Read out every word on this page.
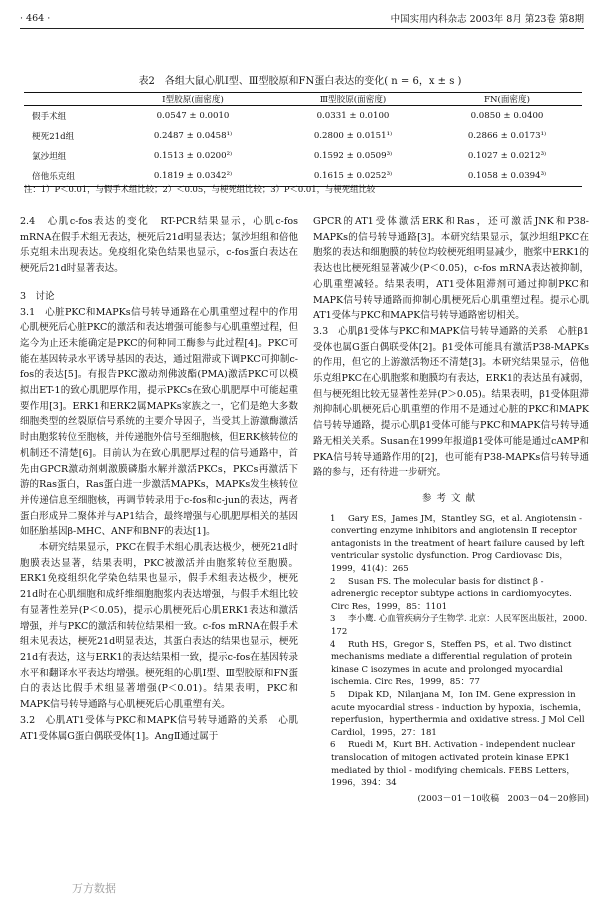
· 464 ·	中国实用内科杂志 2003年 8月 第23卷 第8期
表2　各组大鼠心肌Ⅰ型、Ⅲ型胶原和FN蛋白表达的变化( n = 6，x ± s )
	Ⅰ型胶原(面密度)	Ⅲ型胶原(面密度)	FN(面密度)
假手术组	0.0547 ± 0.0010	0.0331 ± 0.0100	0.0850 ± 0.0400
梗死21d组	0.2487 ± 0.0458¹⁾	0.2800 ± 0.0151¹⁾	0.2866 ± 0.0173¹⁾
氯沙坦组	0.1513 ± 0.0200²⁾	0.1592 ± 0.0509³⁾	0.1027 ± 0.0212³⁾
倍他乐克组	0.1819 ± 0.0342²⁾	0.1615 ± 0.0252³⁾	0.1058 ± 0.0394³⁾
注：1）P＜0.01，与假手术组比较；2）＜0.05，与梗死组比较；3）P＜0.01，与梗死组比较

2.4　心肌c-fos表达的变化　RT-PCR结果显示，心肌c-fos mRNA在假手术组无表达，梗死后21d明显表达；氯沙坦组和倍他乐克组未出现表达。免疫组化染色结果也显示，c-fos蛋白表达在梗死后21d时显著表达。

3　讨论

3.1　心脏PKC和MAPKs信号转导通路在心肌重塑过程中的作用　心肌梗死后心脏PKC的激活和表达增强可能参与心肌重塑过程，但迄今为止还未能确定是PKC的何种同工酶参与此过程[4]。PKC可能在基因转录水平诱导基因的表达，通过阻滞或下调PKC可抑制c-fos的表达[5]。有报告PKC激动剂佛波酯(PMA)激活PKC可以模拟出ET-1的致心肌肥厚作用，提示PKCs在致心肌肥厚中可能起重要作用[3]。ERK1和ERK2属MAPKs家族之一，它们是绝大多数细胞类型的丝裂原信号系统的主要介导因子，当受其上游激酶激活时由胞浆转位至胞核，并传递胞外信号至细胞核，但ERK核转位的机制还不清楚[6]。目前认为在致心肌肥厚过程的信号通路中，首先由GPCR激动剂刺激膜磷脂水解并激活PKCs，PKCs再激活下游的Ras蛋白，Ras蛋白进一步激活MAPKs，MAPKs发生核转位并传递信息至细胞核，再调节转录用于c-fos和c-jun的表达，两者蛋白形成异二聚体并与AP1结合，最终增强与心肌肥厚相关的基因如胚胎基因β-MHC、ANF和BNF的表达[1]。

本研究结果显示，PKC在假手术组心肌表达极少，梗死21d时胞膜表达显著，结果表明，PKC被激活并由胞浆转位至胞膜。ERK1免疫组织化学染色结果也显示，假手术组表达极少，梗死21d时在心肌细胞和成纤维细胞胞浆内表达增强，与假手术组比较有显著性差异(P＜0.05)，提示心肌梗死后心肌ERK1表达和激活增强，并与PKC的激活和转位结果相一致。c-fos mRNA在假手术组未见表达，梗死21d明显表达，其蛋白表达的结果也显示，梗死21d有表达，这与ERK1的表达结果相一致，提示c-fos在基因转录水平和翻译水平表达均增强。梗死组的心肌Ⅰ型、Ⅲ型胶原和FN蛋白的表达比假手术组显著增强(P＜0.01)。结果表明，PKC和MAPK信号转导通路与心肌梗死后心肌重塑有关。

3.2　心肌AT1受体与PKC和MAPK信号转导通路的关系　心肌AT1受体属G蛋白偶联受体[1]。AngⅡ通过属于

GPCR的AT1受体激活ERK和Ras，还可激活JNK和P38-MAPKs的信号转导通路[3]。本研究结果显示，氯沙坦组PKC在胞浆的表达和细胞膜的转位均较梗死组明显减少，胞浆中ERK1的表达也比梗死组显著减少(P＜0.05)，c-fos mRNA表达被抑制，心肌重塑减轻。结果表明，AT1受体阻滞剂可通过抑制PKC和MAPK信号转导通路而抑制心肌梗死后心肌重塑过程。提示心肌AT1受体与PKC和MAPK信号转导通路密切相关。

3.3　心肌β1受体与PKC和MAPK信号转导通路的关系　心脏β1受体也属G蛋白偶联受体[2]。β1受体可能具有激活P38-MAPKs的作用，但它的上游激活物还不清楚[3]。本研究结果显示，倍他乐克组PKC在心肌胞浆和胞膜均有表达，ERK1的表达虽有减弱，但与梗死组比较无显著性差异(P＞0.05)。结果表明，β1受体阻滞剂抑制心肌梗死后心肌重塑的作用不是通过心脏的PKC和MAPK信号转导通路，提示心肌β1受体可能与PKC和MAPK信号转导通路无相关关系。Susan在1999年报道β1受体可能是通过cAMP和PKA信号转导通路作用的[2]，也可能有P38-MAPKs信号转导通路的参与，还有待进一步研究。

参考文献

1 Gary ES，James JM，Stantley SG，et al. Angiotensin - converting enzyme inhibitors and angiotensin Ⅱ receptor antagonists in the treatment of heart failure caused by left ventricular systolic dysfunction. Prog Cardiovasc Dis，1999，41(4)：265

2 Susan FS. The molecular basis for distinct β - adrenergic receptor subtype actions in cardiomyocytes. Circ Res，1999，85：1101

3 李小鹰. 心血管疾病分子生物学. 北京：人民军医出版社，2000. 172

4 Ruth HS，Gregor S，Steffen PS，et al. Two distinct mechanisms mediate a differential regulation of protein kinase C isozymes in acute and prolonged myocardial ischemia. Circ Res，1999，85：77

5 Dipak KD，Nilanjana M，Ion IM. Gene expression in acute myocardial stress - induction by hypoxia，ischemia，reperfusion，hyperthermia and oxidative stress. J Mol Cell Cardiol，1995，27：181

6 Ruedi M，Kurt BH. Activation - independent nuclear translocation of mitogen activated protein kinase EPK1 mediated by thiol - modifying chemicals. FEBS Letters，1996，394：34

(2003－01－10收稿　2003－04－20修回)
万方数据
